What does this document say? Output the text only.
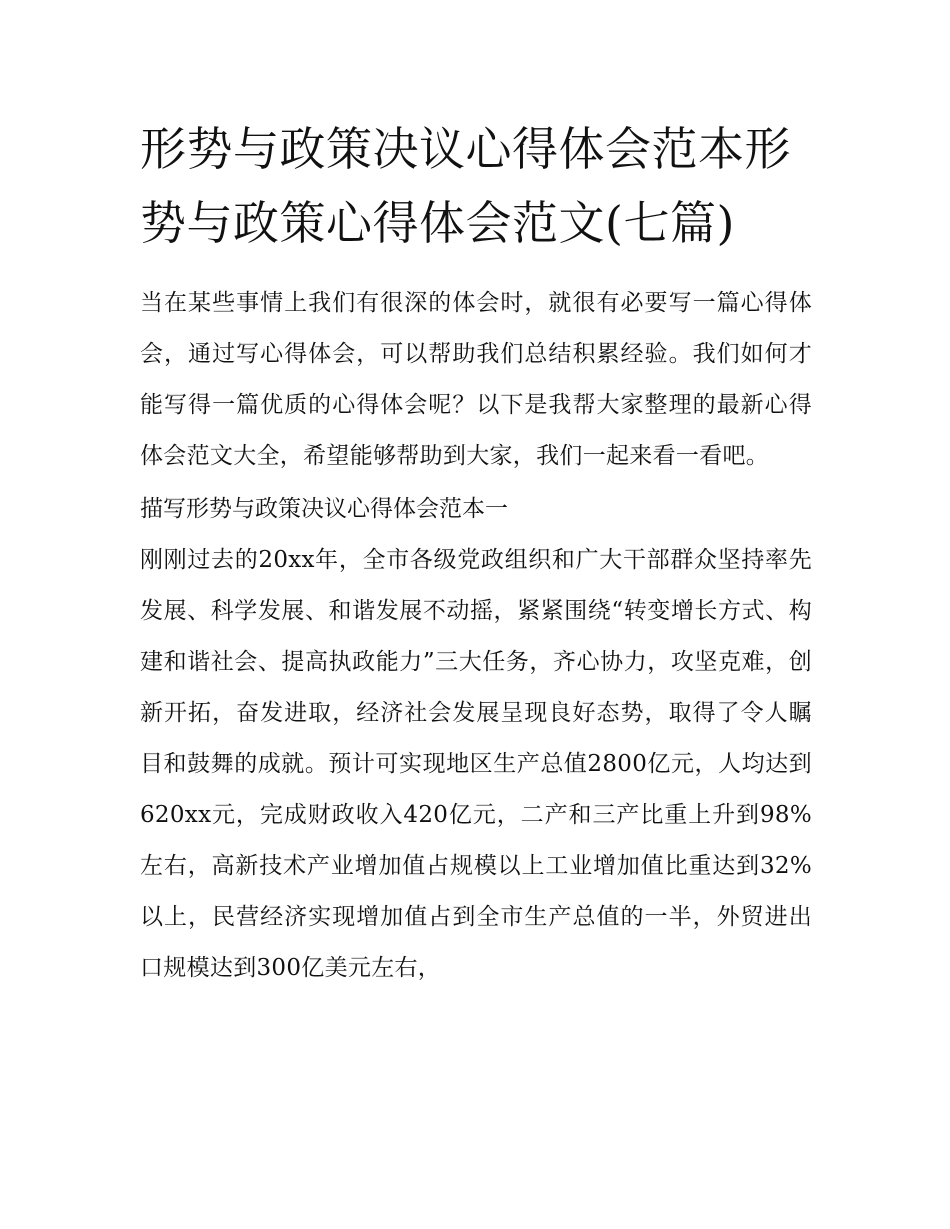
形势与政策决议心得体会范本形势与政策心得体会范文(七篇)

当在某些事情上我们有很深的体会时，就很有必要写一篇心得体会，通过写心得体会，可以帮助我们总结积累经验。我们如何才能写得一篇优质的心得体会呢？以下是我帮大家整理的最新心得体会范文大全，希望能够帮助到大家，我们一起来看一看吧。

描写形势与政策决议心得体会范本一

刚刚过去的20xx年，全市各级党政组织和广大干部群众坚持率先发展、科学发展、和谐发展不动摇，紧紧围绕“转变增长方式、构建和谐社会、提高执政能力”三大任务，齐心协力，攻坚克难，创新开拓，奋发进取，经济社会发展呈现良好态势，取得了令人瞩目和鼓舞的成就。预计可实现地区生产总值2800亿元，人均达到620xx元，完成财政收入420亿元，二产和三产比重上升到98%左右，高新技术产业增加值占规模以上工业增加值比重达到32%以上，民营经济实现增加值占到全市生产总值的一半，外贸进出口规模达到300亿美元左右，
